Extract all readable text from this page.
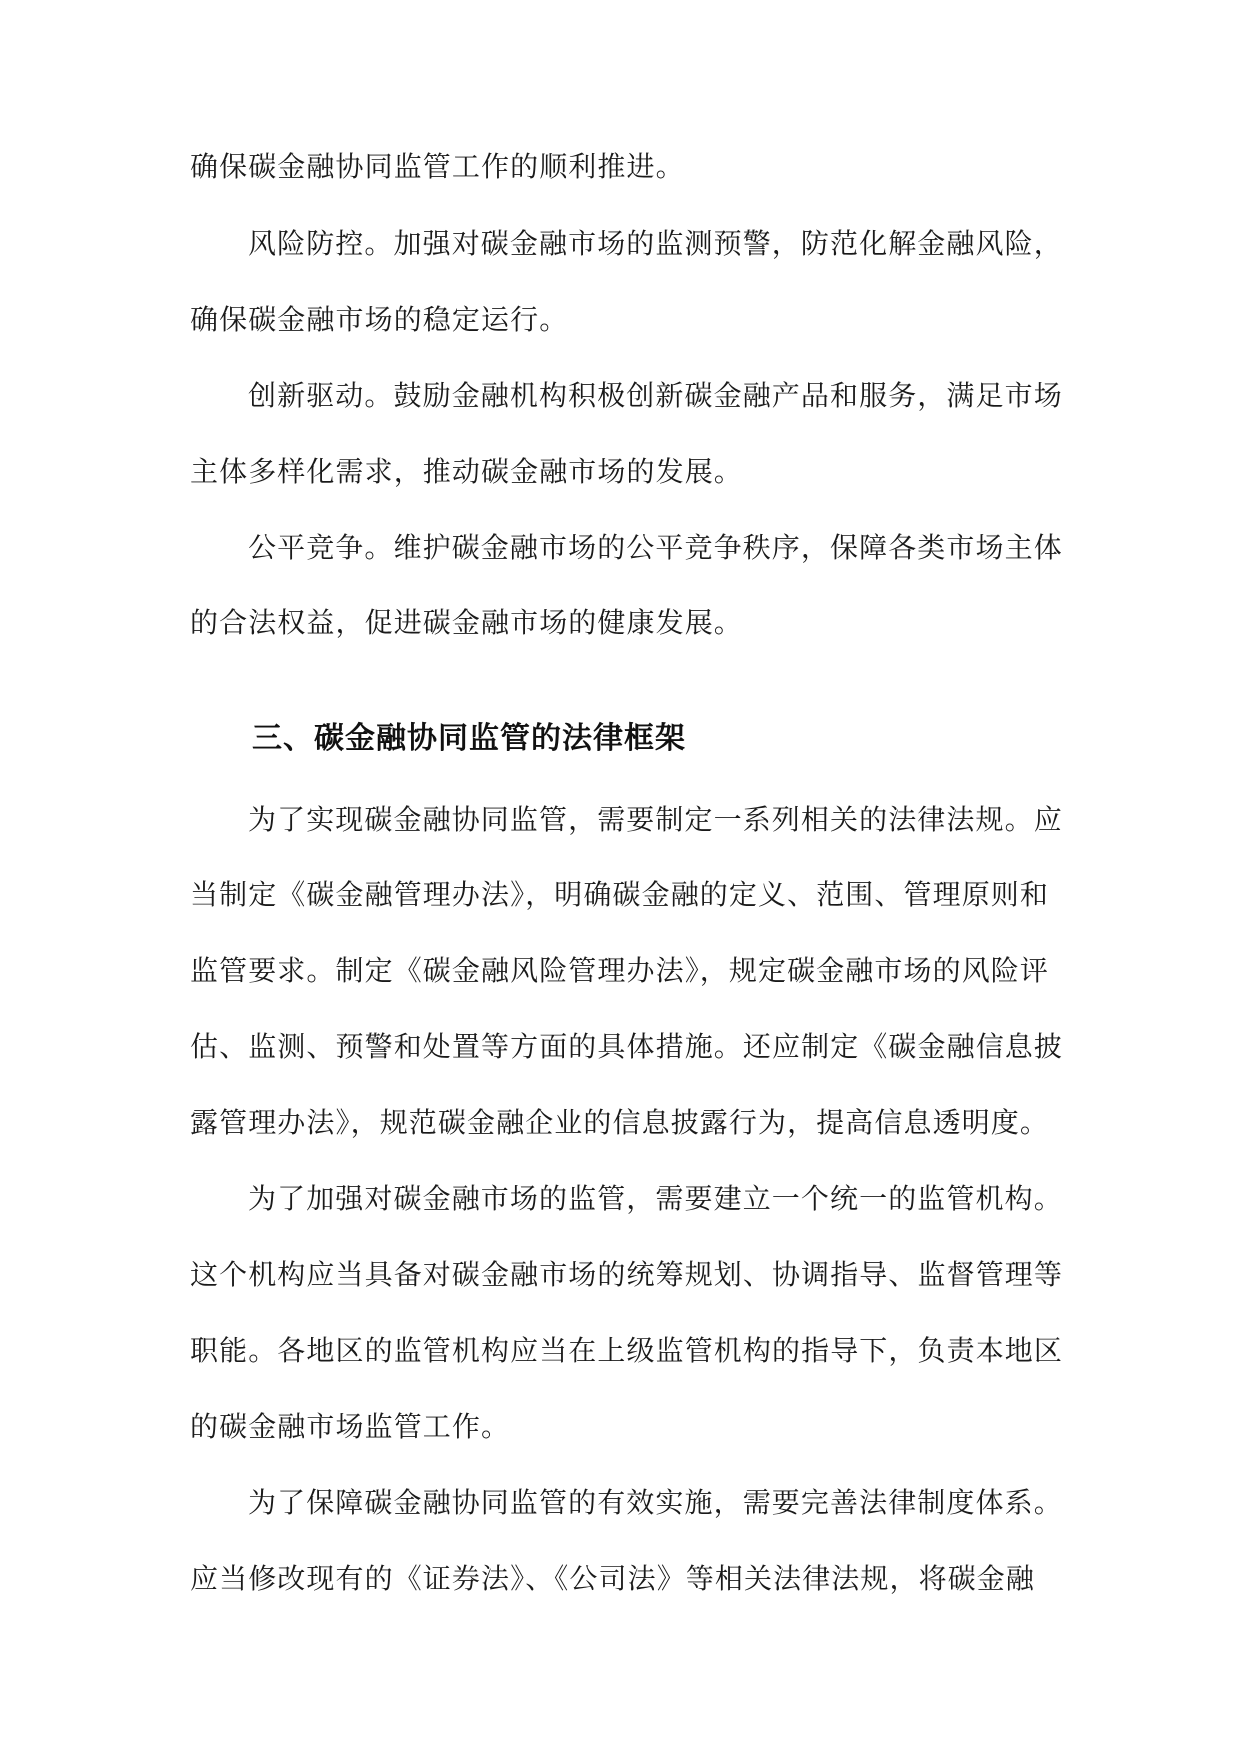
确保碳金融协同监管工作的顺利推进。

风险防控。加强对碳金融市场的监测预警，防范化解金融风险，

确保碳金融市场的稳定运行。

创新驱动。鼓励金融机构积极创新碳金融产品和服务，满足市场

主体多样化需求，推动碳金融市场的发展。

公平竞争。维护碳金融市场的公平竞争秩序，保障各类市场主体

的合法权益，促进碳金融市场的健康发展。

三、碳金融协同监管的法律框架

为了实现碳金融协同监管，需要制定一系列相关的法律法规。应

当制定《碳金融管理办法》，明确碳金融的定义、范围、管理原则和

监管要求。制定《碳金融风险管理办法》，规定碳金融市场的风险评

估、监测、预警和处置等方面的具体措施。还应制定《碳金融信息披

露管理办法》，规范碳金融企业的信息披露行为，提高信息透明度。

为了加强对碳金融市场的监管，需要建立一个统一的监管机构。

这个机构应当具备对碳金融市场的统筹规划、协调指导、监督管理等

职能。各地区的监管机构应当在上级监管机构的指导下，负责本地区

的碳金融市场监管工作。

为了保障碳金融协同监管的有效实施，需要完善法律制度体系。

应当修改现有的《证券法》、《公司法》等相关法律法规，将碳金融
